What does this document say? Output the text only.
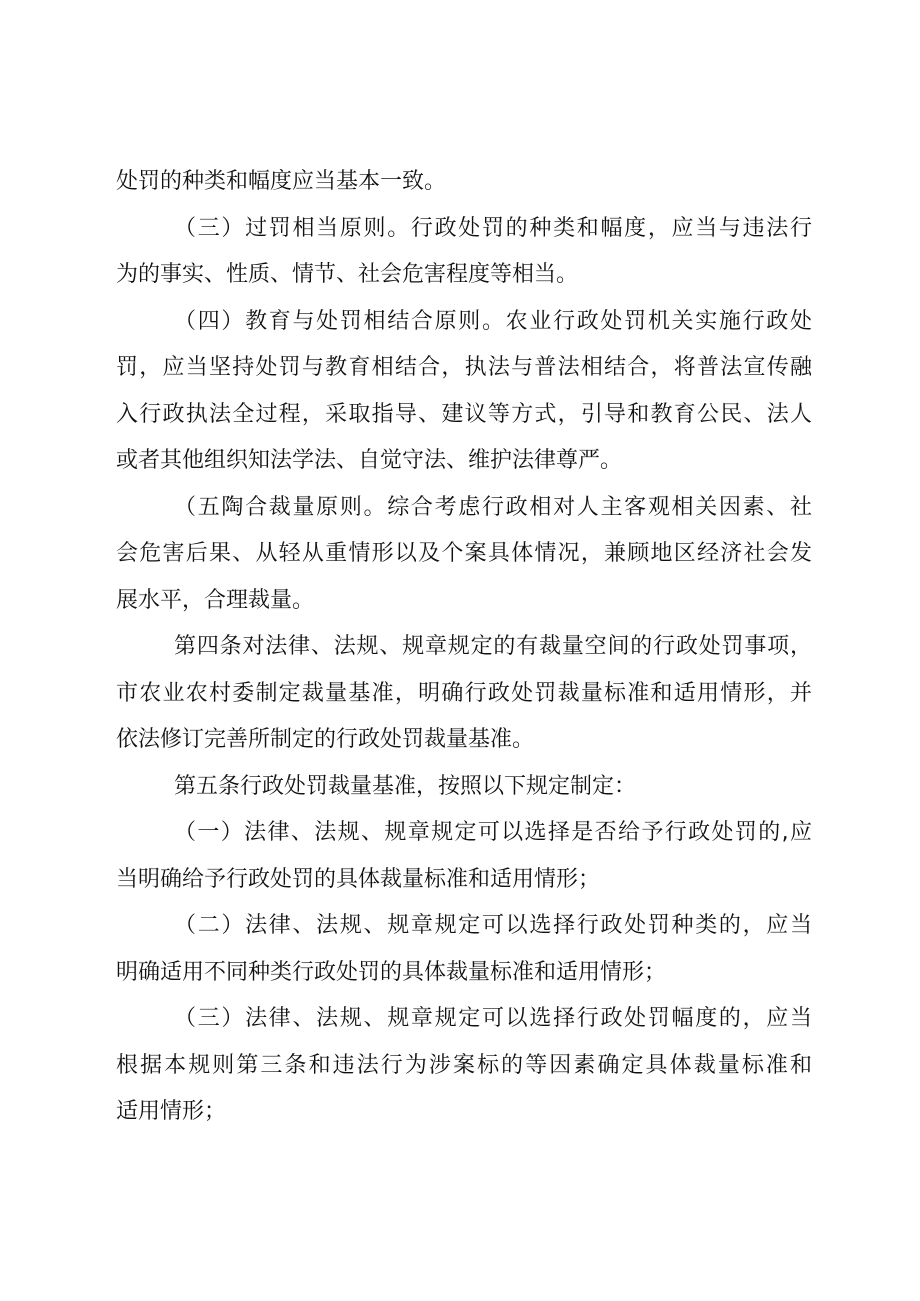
处罚的种类和幅度应当基本一致。
（三）过罚相当原则。行政处罚的种类和幅度，应当与违法行
为的事实、性质、情节、社会危害程度等相当。
（四）教育与处罚相结合原则。农业行政处罚机关实施行政处
罚，应当坚持处罚与教育相结合，执法与普法相结合，将普法宣传融
入行政执法全过程，采取指导、建议等方式，引导和教育公民、法人
或者其他组织知法学法、自觉守法、维护法律尊严。
（五陶合裁量原则。综合考虑行政相对人主客观相关因素、社
会危害后果、从轻从重情形以及个案具体情况，兼顾地区经济社会发
展水平，合理裁量。
第四条对法律、法规、规章规定的有裁量空间的行政处罚事项，
市农业农村委制定裁量基准，明确行政处罚裁量标准和适用情形，并
依法修订完善所制定的行政处罚裁量基准。
第五条行政处罚裁量基准，按照以下规定制定：
（一）法律、法规、规章规定可以选择是否给予行政处罚的,应
当明确给予行政处罚的具体裁量标准和适用情形；
（二）法律、法规、规章规定可以选择行政处罚种类的，应当
明确适用不同种类行政处罚的具体裁量标准和适用情形；
（三）法律、法规、规章规定可以选择行政处罚幅度的，应当
根据本规则第三条和违法行为涉案标的等因素确定具体裁量标准和
适用情形；
